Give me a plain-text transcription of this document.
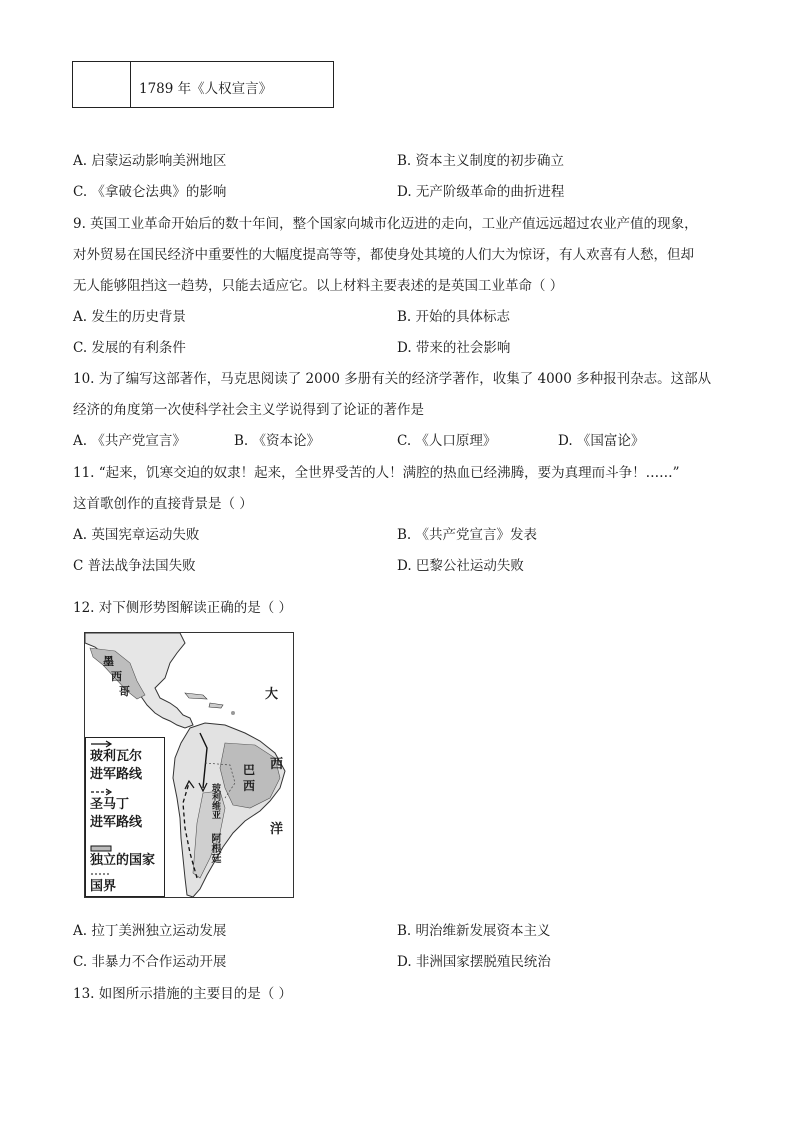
1789 年《人权宣言》
A. 启蒙运动影响美洲地区	B. 资本主义制度的初步确立
C. 《拿破仑法典》的影响	D. 无产阶级革命的曲折进程
9. 英国工业革命开始后的数十年间，整个国家向城市化迈进的走向，工业产值远远超过农业产值的现象，
对外贸易在国民经济中重要性的大幅度提高等等，都使身处其境的人们大为惊讶，有人欢喜有人愁，但却
无人能够阻挡这一趋势，只能去适应它。以上材料主要表述的是英国工业革命（ ）
A. 发生的历史背景	B. 开始的具体标志
C. 发展的有利条件	D. 带来的社会影响
10. 为了编写这部著作，马克思阅读了 2000 多册有关的经济学著作，收集了 4000 多种报刊杂志。这部从
经济的角度第一次使科学社会主义学说得到了论证的著作是
A. 《共产党宣言》	B. 《资本论》	C. 《人口原理》	D. 《国富论》
11. “起来，饥寒交迫的奴隶！起来，全世界受苦的人！满腔的热血已经沸腾，要为真理而斗争！……”
这首歌创作的直接背景是（ ）
A. 英国宪章运动失败	B. 《共产党宣言》发表
C 普法战争法国失败	D. 巴黎公社运动失败
12. 对下侧形势图解读正确的是（ ）
墨
西
哥	大
西
洋
巴
西
玻利维亚
阿根廷
玻利瓦尔
进军路线
圣马丁
进军路线
独立的国家
国界
A. 拉丁美洲独立运动发展	B. 明治维新发展资本主义
C. 非暴力不合作运动开展	D. 非洲国家摆脱殖民统治
13. 如图所示措施的主要目的是（ ）
